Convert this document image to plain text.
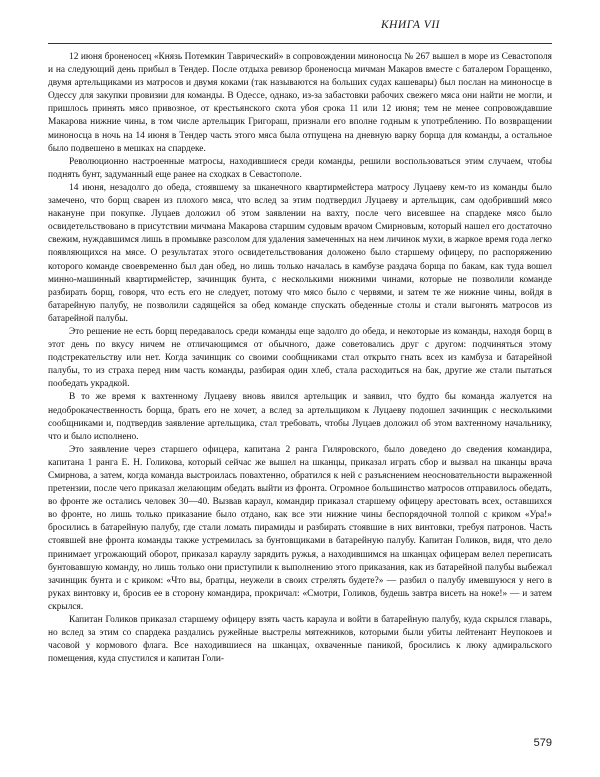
КНИГА VII

12 июня броненосец «Князь Потемкин Таврический» в сопровождении миноносца № 267 вышел в море из Севастополя и на следующий день прибыл в Тендер. После отдыха ревизор броненосца мичман Макаров вместе с баталером Горащенко, двумя артельщиками из матросов и двумя коками (так называются на больших судах кашевары) был послан на миноносце в Одессу для закупки провизии для команды. В Одессе, однако, из-за забастовки рабочих свежего мяса они найти не могли, и пришлось принять мясо привозное, от крестьянского скота убоя срока 11 или 12 июня; тем не менее сопровождавшие Макарова нижние чины, в том числе артельщик Григораш, признали его вполне годным к употреблению. По возвращении миноносца в ночь на 14 июня в Тендер часть этого мяса была отпущена на дневную варку борща для команды, а остальное было подвешено в мешках на спардеке.

Революционно настроенные матросы, находившиеся среди команды, решили воспользоваться этим случаем, чтобы поднять бунт, задуманный еще ранее на сходках в Севастополе.

14 июня, незадолго до обеда, стоявшему за шканечного квартирмейстера матросу Луцаеву кем-то из команды было замечено, что борщ сварен из плохого мяса, что вслед за этим подтвердил Луцаеву и артельщик, сам одобривший мясо накануне при покупке. Луцаев доложил об этом заявлении на вахту, после чего висевшее на спардеке мясо было освидетельствовано в присутствии мичмана Макарова старшим судовым врачом Смирновым, который нашел его достаточно свежим, нуждавшимся лишь в промывке разсолом для удаления замеченных на нем личинок мухи, в жаркое время года легко появляющихся на мясе. О результатах этого освидетельствования доложено было старшему офицеру, по распоряжению которого команде своевременно был дан обед, но лишь только началась в камбузе раздача борща по бакам, как туда вошел минно-машинный квартирмейстер, зачинщик бунта, с несколькими нижними чинами, которые не позволили команде разбирать борщ, говоря, что есть его не следует, потому что мясо было с червями, и затем те же нижние чины, войдя в батарейную палубу, не позволили садящейся за обед команде спускать обеденные столы и стали выгонять матросов из батарейной палубы.

Это решение не есть борщ передавалось среди команды еще задолго до обеда, и некоторые из команды, находя борщ в этот день по вкусу ничем не отличающимся от обычного, даже советовались друг с другом: подчиняться этому подстрекательству или нет. Когда зачинщик со своими сообщниками стал открыто гнать всех из камбуза и батарейной палубы, то из страха перед ним часть команды, разбирая один хлеб, стала расходиться на бак, другие же стали пытаться пообедать украдкой.

В то же время к вахтенному Луцаеву вновь явился артельщик и заявил, что будто бы команда жалуется на недоброкачественность борща, брать его не хочет, а вслед за артельщиком к Луцаеву подошел зачинщик с несколькими сообщниками и, подтвердив заявление артельщика, стал требовать, чтобы Луцаев доложил об этом вахтенному начальнику, что и было исполнено.

Это заявление через старшего офицера, капитана 2 ранга Гиляровского, было доведено до сведения командира, капитана 1 ранга Е. Н. Голикова, который сейчас же вышел на шканцы, приказал играть сбор и вызвал на шканцы врача Смирнова, а затем, когда команда выстроилась повахтенно, обратился к ней с разъяснением неосновательности выраженной претензии, после чего приказал желающим обедать выйти из фронта. Огромное большинство матросов отправилось обедать, во фронте же остались человек 30—40. Вызвав караул, командир приказал старшему офицеру арестовать всех, оставшихся во фронте, но лишь только приказание было отдано, как все эти нижние чины беспорядочной толпой с криком «Ура!» бросились в батарейную палубу, где стали ломать пирамиды и разбирать стоявшие в них винтовки, требуя патронов. Часть стоявшей вне фронта команды также устремилась за бунтовщиками в батарейную палубу. Капитан Голиков, видя, что дело принимает угрожающий оборот, приказал караулу зарядить ружья, а находившимся на шканцах офицерам велел переписать бунтовавшую команду, но лишь только они приступили к выполнению этого приказания, как из батарейной палубы выбежал зачинщик бунта и с криком: «Что вы, братцы, неужели в своих стрелять будете?» — разбил о палубу имевшуюся у него в руках винтовку и, бросив ее в сторону командира, прокричал: «Смотри, Голиков, будешь завтра висеть на ноке!» — и затем скрылся.

Капитан Голиков приказал старшему офицеру взять часть караула и войти в батарейную палубу, куда скрылся главарь, но вслед за этим со спардека раздались ружейные выстрелы мятежников, которыми были убиты лейтенант Неупокоев и часовой у кормового флага. Все находившиеся на шканцах, охваченные паникой, бросились к люку адмиральского помещения, куда спустился и капитан Голи-

579
